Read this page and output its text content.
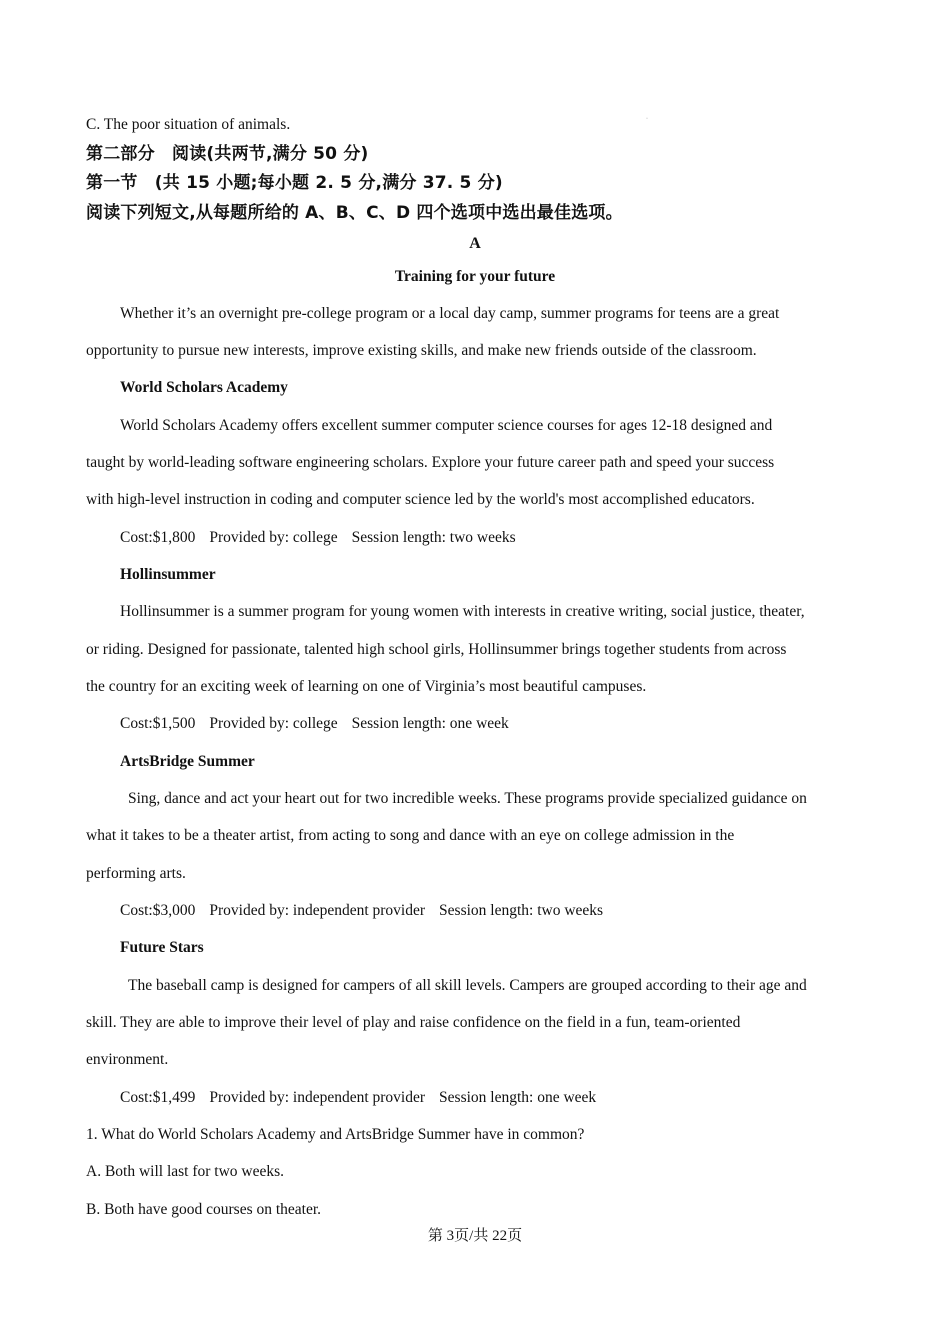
·
C. The poor situation of animals.
第二部分　阅读(共两节,满分 50 分)
第一节　(共 15 小题;每小题 2. 5 分,满分 37. 5 分)
阅读下列短文,从每题所给的 A、B、C、D 四个选项中选出最佳选项。
A
Training for your future
Whether it’s an overnight pre-college program or a local day camp, summer programs for teens are a great
opportunity to pursue new interests, improve existing skills, and make new friends outside of the classroom.
World Scholars Academy
World Scholars Academy offers excellent summer computer science courses for ages 12-18 designed and
taught by world-leading software engineering scholars. Explore your future career path and speed your success
with high-level instruction in coding and computer science led by the world's most accomplished educators.
Cost:$1,800 Provided by: college Session length: two weeks
Hollinsummer
Hollinsummer is a summer program for young women with interests in creative writing, social justice, theater,
or riding. Designed for passionate, talented high school girls, Hollinsummer brings together students from across
the country for an exciting week of learning on one of Virginia’s most beautiful campuses.
Cost:$1,500 Provided by: college Session length: one week
ArtsBridge Summer
Sing, dance and act your heart out for two incredible weeks. These programs provide specialized guidance on
what it takes to be a theater artist, from acting to song and dance with an eye on college admission in the
performing arts.
Cost:$3,000 Provided by: independent provider Session length: two weeks
Future Stars
The baseball camp is designed for campers of all skill levels. Campers are grouped according to their age and
skill. They are able to improve their level of play and raise confidence on the field in a fun, team-oriented
environment.
Cost:$1,499 Provided by: independent provider Session length: one week
1. What do World Scholars Academy and ArtsBridge Summer have in common?
A. Both will last for two weeks.
B. Both have good courses on theater.
第 3页/共 22页
